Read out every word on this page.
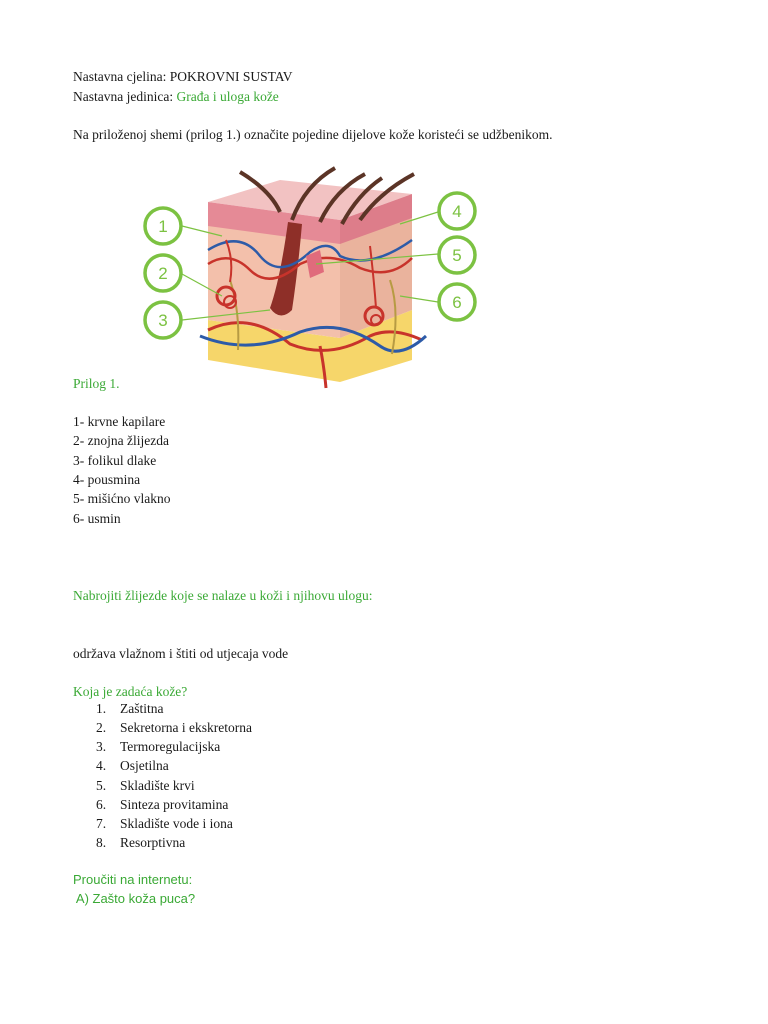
Nastavna cjelina: POKROVNI SUSTAV
Nastavna jedinica: Građa i uloga kože
Na priloženoj shemi (prilog 1.) označite pojedine dijelove kože koristeći se udžbenikom.
1
2
3
4
5
6
Prilog 1.
1- krvne kapilare
2- znojna žlijezda
3- folikul dlake
4- pousmina
5- mišićno vlakno
6- usmin
Nabrojiti žlijezde koje se nalaze u koži i njihovu ulogu:
održava vlažnom i štiti od utjecaja vode
Koja je zadaća kože?
1. Zaštitna
2. Sekretorna i ekskretorna
3. Termoregulacijska
4. Osjetilna
5. Skladište krvi
6. Sinteza provitamina
7. Skladište vode i iona
8. Resorptivna
Proučiti na internetu:
A) Zašto koža puca?
